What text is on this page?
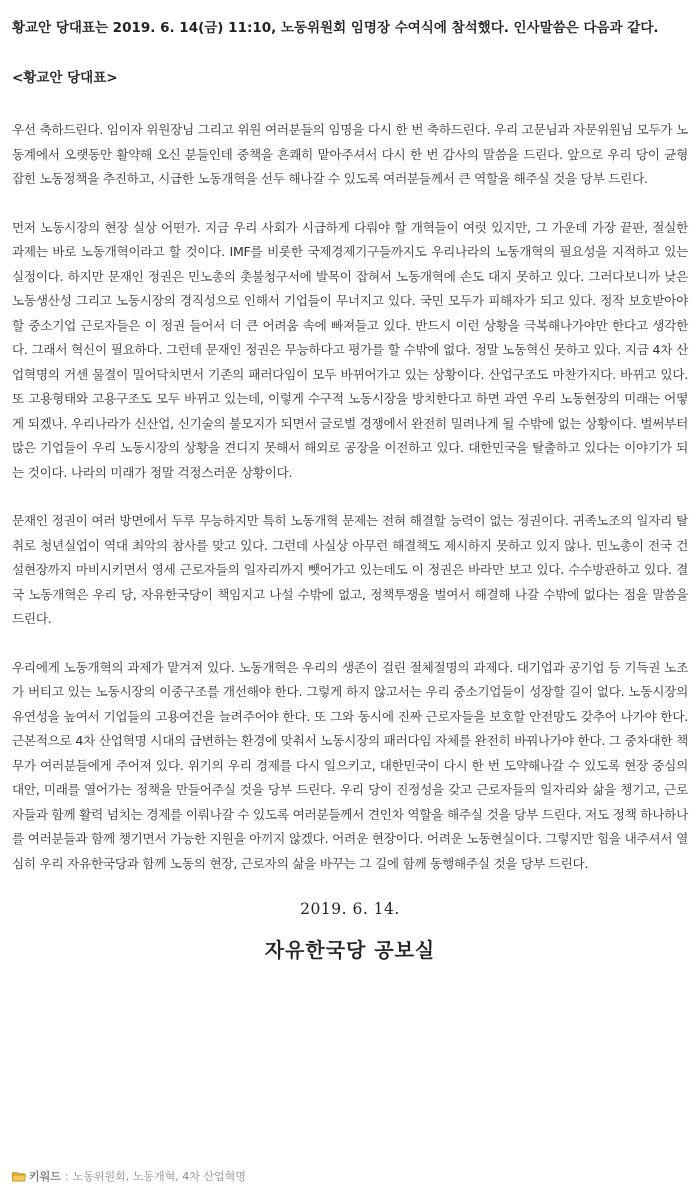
황교안 당대표는 2019. 6. 14(금) 11:10, 노동위원회 임명장 수여식에 참석했다. 인사말씀은 다음과 같다.

<황교안 당대표>

우선 축하드린다. 임이자 위원장님 그리고 위원 여러분들의 임명을 다시 한 번 축하드린다. 우리 고문님과 자문위원님 모두가 노동계에서 오랫동안 활약해 오신 분들인데 중책을 흔쾌히 맡아주셔서 다시 한 번 감사의 말씀을 드린다. 앞으로 우리 당이 균형 잡힌 노동정책을 추진하고, 시급한 노동개혁을 선두 해나갈 수 있도록 여러분들께서 큰 역할을 해주실 것을 당부 드린다.

먼저 노동시장의 현장 실상 어떤가. 지금 우리 사회가 시급하게 다뤄야 할 개혁들이 여럿 있지만, 그 가운데 가장 끝판, 절실한 과제는 바로 노동개혁이라고 할 것이다. IMF를 비롯한 국제경제기구들까지도 우리나라의 노동개혁의 필요성을 지적하고 있는 실정이다. 하지만 문재인 정권은 민노총의 촛불청구서에 발목이 잡혀서 노동개혁에 손도 대지 못하고 있다. 그러다보니까 낮은 노동생산성 그리고 노동시장의 경직성으로 인해서 기업들이 무너지고 있다. 국민 모두가 피해자가 되고 있다. 정작 보호받아야 할 중소기업 근로자들은 이 정권 들어서 더 큰 어려움 속에 빠져들고 있다. 반드시 이런 상황을 극복해나가야만 한다고 생각한다. 그래서 혁신이 필요하다. 그런데 문재인 정권은 무능하다고 평가를 할 수밖에 없다. 정말 노동혁신 못하고 있다. 지금 4차 산업혁명의 거센 물결이 밀어닥치면서 기존의 패러다임이 모두 바뀌어가고 있는 상황이다. 산업구조도 마찬가지다. 바뀌고 있다. 또 고용형태와 고용구조도 모두 바뀌고 있는데, 이렇게 수구적 노동시장을 방치한다고 하면 과연 우리 노동현장의 미래는 어떻게 되겠나. 우리나라가 신산업, 신기술의 불모지가 되면서 글로벌 경쟁에서 완전히 밀려나게 될 수밖에 없는 상황이다. 벌써부터 많은 기업들이 우리 노동시장의 상황을 견디지 못해서 해외로 공장을 이전하고 있다. 대한민국을 탈출하고 있다는 이야기가 되는 것이다. 나라의 미래가 정말 걱정스러운 상황이다.

문재인 정권이 여러 방면에서 두루 무능하지만 특히 노동개혁 문제는 전혀 해결할 능력이 없는 정권이다. 귀족노조의 일자리 탈취로 청년실업이 역대 최악의 참사를 맞고 있다. 그런데 사실상 아무런 해결책도 제시하지 못하고 있지 않나. 민노총이 전국 건설현장까지 마비시키면서 영세 근로자들의 일자리까지 뺏어가고 있는데도 이 정권은 바라만 보고 있다. 수수방관하고 있다. 결국 노동개혁은 우리 당, 자유한국당이 책임지고 나설 수밖에 없고, 정책투쟁을 벌여서 해결해 나갈 수밖에 없다는 점을 말씀을 드린다.

우리에게 노동개혁의 과제가 맡겨져 있다. 노동개혁은 우리의 생존이 걸린 절체절명의 과제다. 대기업과 공기업 등 기득권 노조가 버티고 있는 노동시장의 이중구조를 개선해야 한다. 그렇게 하지 않고서는 우리 중소기업들이 성장할 길이 없다. 노동시장의 유연성을 높여서 기업들의 고용여건을 늘려주어야 한다. 또 그와 동시에 진짜 근로자들을 보호할 안전망도 갖추어 나가야 한다. 근본적으로 4차 산업혁명 시대의 급변하는 환경에 맞춰서 노동시장의 패러다임 자체를 완전히 바꿔나가야 한다. 그 중차대한 책무가 여러분들에게 주어져 있다. 위기의 우리 경제를 다시 일으키고, 대한민국이 다시 한 번 도약해나갈 수 있도록 현장 중심의 대안, 미래를 열어가는 정책을 만들어주실 것을 당부 드린다. 우리 당이 진정성을 갖고 근로자들의 일자리와 삶을 챙기고, 근로자들과 함께 활력 넘치는 경제를 이뤄나갈 수 있도록 여러분들께서 견인차 역할을 해주실 것을 당부 드린다. 저도 정책 하나하나를 여러분들과 함께 챙기면서 가능한 지원을 아끼지 않겠다. 어려운 현장이다. 어려운 노동현실이다. 그렇지만 힘을 내주셔서 열심히 우리 자유한국당과 함께 노동의 현장, 근로자의 삶을 바꾸는 그 길에 함께 동행해주실 것을 당부 드린다.

2019. 6. 14.
자유한국당 공보실
키워드 : 노동위원회 , 노동개혁 , 4차 산업혁명
